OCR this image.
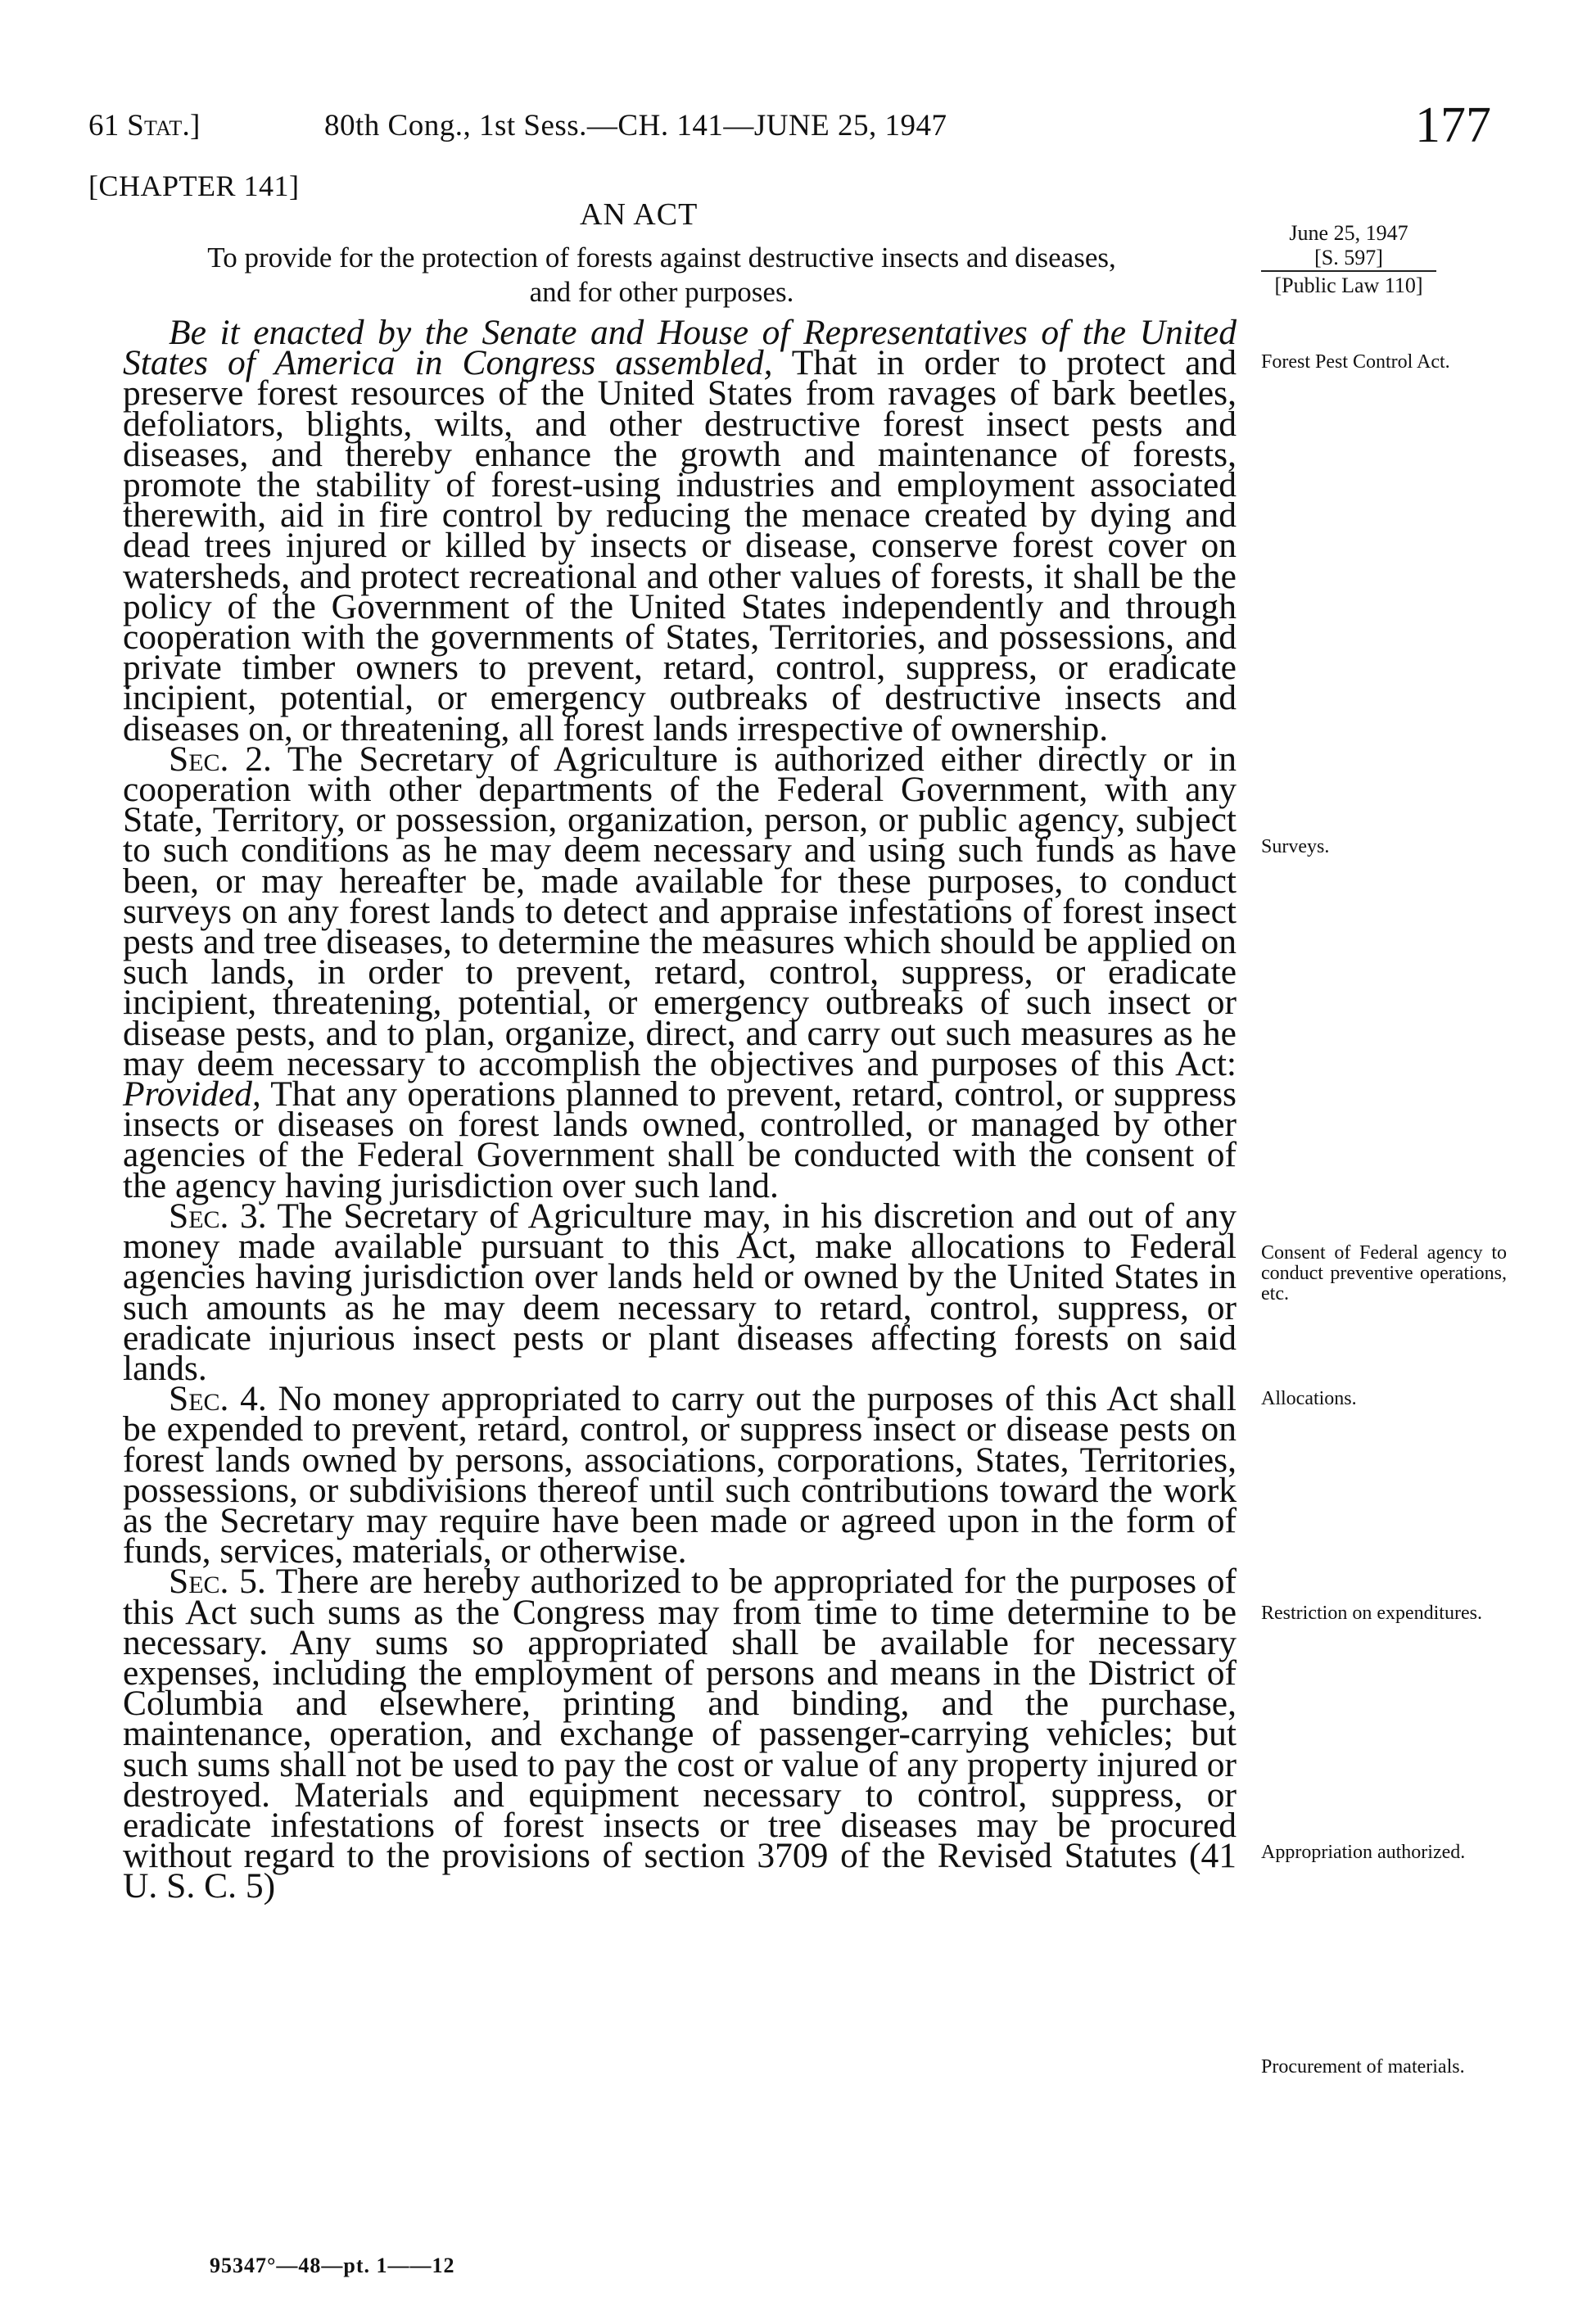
61 Stat.]	80th Cong., 1st Sess.—CH. 141—JUNE 25, 1947	177
[CHAPTER 141]
AN ACT
To provide for the protection of forests against destructive insects and diseases,
and for other purposes.
June 25, 1947
[S. 597]
[Public Law 110]

Be it enacted by the Senate and House of Representatives of the United States of America in Congress assembled, That in order to protect and preserve forest resources of the United States from ravages of bark beetles, defoliators, blights, wilts, and other destructive forest insect pests and diseases, and thereby enhance the growth and maintenance of forests, promote the stability of forest-using industries and employment associated therewith, aid in fire control by reducing the menace created by dying and dead trees injured or killed by insects or disease, conserve forest cover on watersheds, and protect recreational and other values of forests, it shall be the policy of the Government of the United States independently and through cooperation with the governments of States, Territories, and possessions, and private timber owners to prevent, retard, control, suppress, or eradicate incipient, potential, or emergency outbreaks of destructive insects and diseases on, or threatening, all forest lands irrespective of ownership.

Sec. 2. The Secretary of Agriculture is authorized either directly or in cooperation with other departments of the Federal Government, with any State, Territory, or possession, organization, person, or public agency, subject to such conditions as he may deem necessary and using such funds as have been, or may hereafter be, made available for these purposes, to conduct surveys on any forest lands to detect and appraise infestations of forest insect pests and tree diseases, to determine the measures which should be applied on such lands, in order to prevent, retard, control, suppress, or eradicate incipient, threatening, potential, or emergency outbreaks of such insect or disease pests, and to plan, organize, direct, and carry out such measures as he may deem necessary to accomplish the objectives and purposes of this Act: Provided, That any operations planned to prevent, retard, control, or suppress insects or diseases on forest lands owned, controlled, or managed by other agencies of the Federal Government shall be conducted with the consent of the agency having jurisdiction over such land.

Sec. 3. The Secretary of Agriculture may, in his discretion and out of any money made available pursuant to this Act, make allocations to Federal agencies having jurisdiction over lands held or owned by the United States in such amounts as he may deem necessary to retard, control, suppress, or eradicate injurious insect pests or plant diseases affecting forests on said lands.

Sec. 4. No money appropriated to carry out the purposes of this Act shall be expended to prevent, retard, control, or suppress insect or disease pests on forest lands owned by persons, associations, corporations, States, Territories, possessions, or subdivisions thereof until such contributions toward the work as the Secretary may require have been made or agreed upon in the form of funds, services, materials, or otherwise.

Sec. 5. There are hereby authorized to be appropriated for the purposes of this Act such sums as the Congress may from time to time determine to be necessary. Any sums so appropriated shall be available for necessary expenses, including the employment of persons and means in the District of Columbia and elsewhere, printing and binding, and the purchase, maintenance, operation, and exchange of passenger-carrying vehicles; but such sums shall not be used to pay the cost or value of any property injured or destroyed. Materials and equipment necessary to control, suppress, or eradicate infestations of forest insects or tree diseases may be procured without regard to the provisions of section 3709 of the Revised Statutes (41 U. S. C. 5)

Forest Pest Control Act.
Surveys.
Consent of Federal agency to conduct preventive operations, etc.
Allocations.
Restriction on expenditures.
Appropriation authorized.
Procurement of materials.
95347°—48—pt. 1——12
